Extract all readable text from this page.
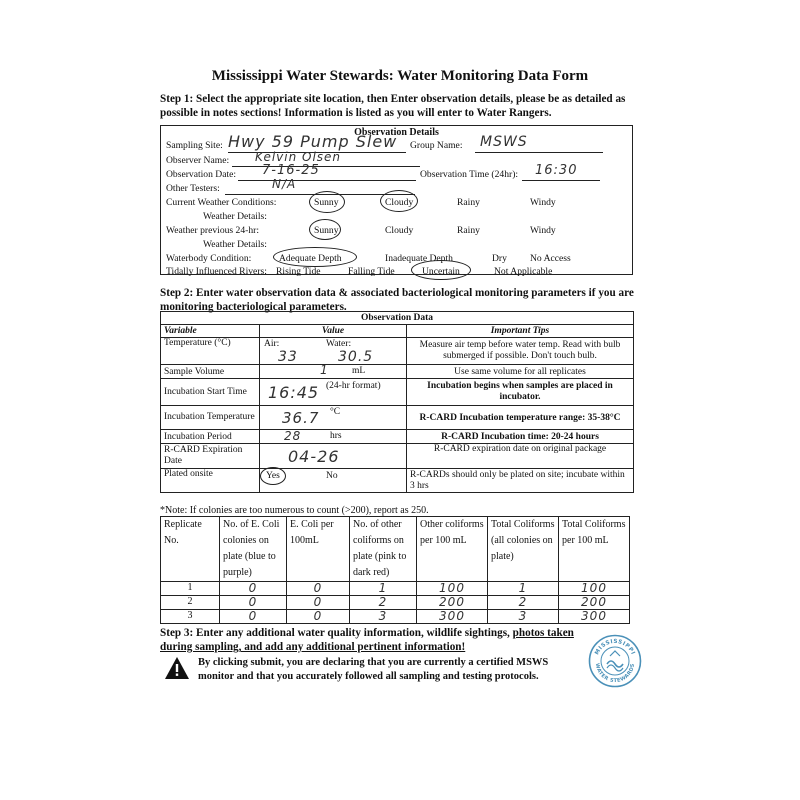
Mississippi Water Stewards: Water Monitoring Data Form
Step 1: Select the appropriate site location, then Enter observation details, please be as detailed as
possible in notes sections! Information is listed as you will enter to Water Rangers.
Observation Details
Sampling Site: Hwy 59 Pump Slew Group Name: MSWS
Observer Name: Kelvin Olsen
Observation Date: 7-16-25	Observation Time (24hr): 16:30
Other Testers:	N/A
Current Weather Conditions:	Sunny	Cloudy	Rainy	Windy
Weather Details:
Weather previous 24-hr:	Sunny	Cloudy	Rainy	Windy
Weather Details:
Waterbody Condition:	Adequate Depth	Inadequate Depth	Dry No Access
Tidally Influenced Rivers: Rising Tide	Falling Tide	Uncertain	Not Applicable
Step 2: Enter water observation data & associated bacteriological monitoring parameters if you are
monitoring bacteriological parameters.
Observation Data		
Variable	Value	Important Tips
Temperature (°C)	Air:
33
Water:
30.5	Measure air temp before water temp. Read with bulb submerged if possible. Don't touch bulb.
Sample Volume	1 mL	Use same volume for all replicates
Incubation Start Time	16:45 (24-hr format)	Incubation begins when samples are placed in incubator.
Incubation Temperature	36.7 °C	R-CARD Incubation temperature range: 35-38°C
Incubation Period	28 hrs	R-CARD Incubation time: 20-24 hours
R-CARD Expiration Date	04-26	R-CARD expiration date on original package
Plated onsite	Yes No	R-CARDs should only be plated on site; incubate within 3 hrs
*Note: If colonies are too numerous to count (>200), report as 250.
Replicate No.	No. of E. Coli colonies on plate (blue to purple)	E. Coli per 100mL	No. of other coliforms on plate (pink to dark red)	Other coliforms per 100 mL	Total Coliforms (all colonies on plate)	Total Coliforms per 100 mL
1	0	0	1	100	1	100
2	0	0	2	200	2	200
3	0	0	3	300	3	300
Step 3: Enter any additional water quality information, wildlife sightings, photos taken
during sampling, and add any additional pertinent information!
By clicking submit, you are declaring that you are currently a certified MSWS
monitor and that you accurately followed all sampling and testing protocols.
MISSISSIPPI
WATER STEWARDS
